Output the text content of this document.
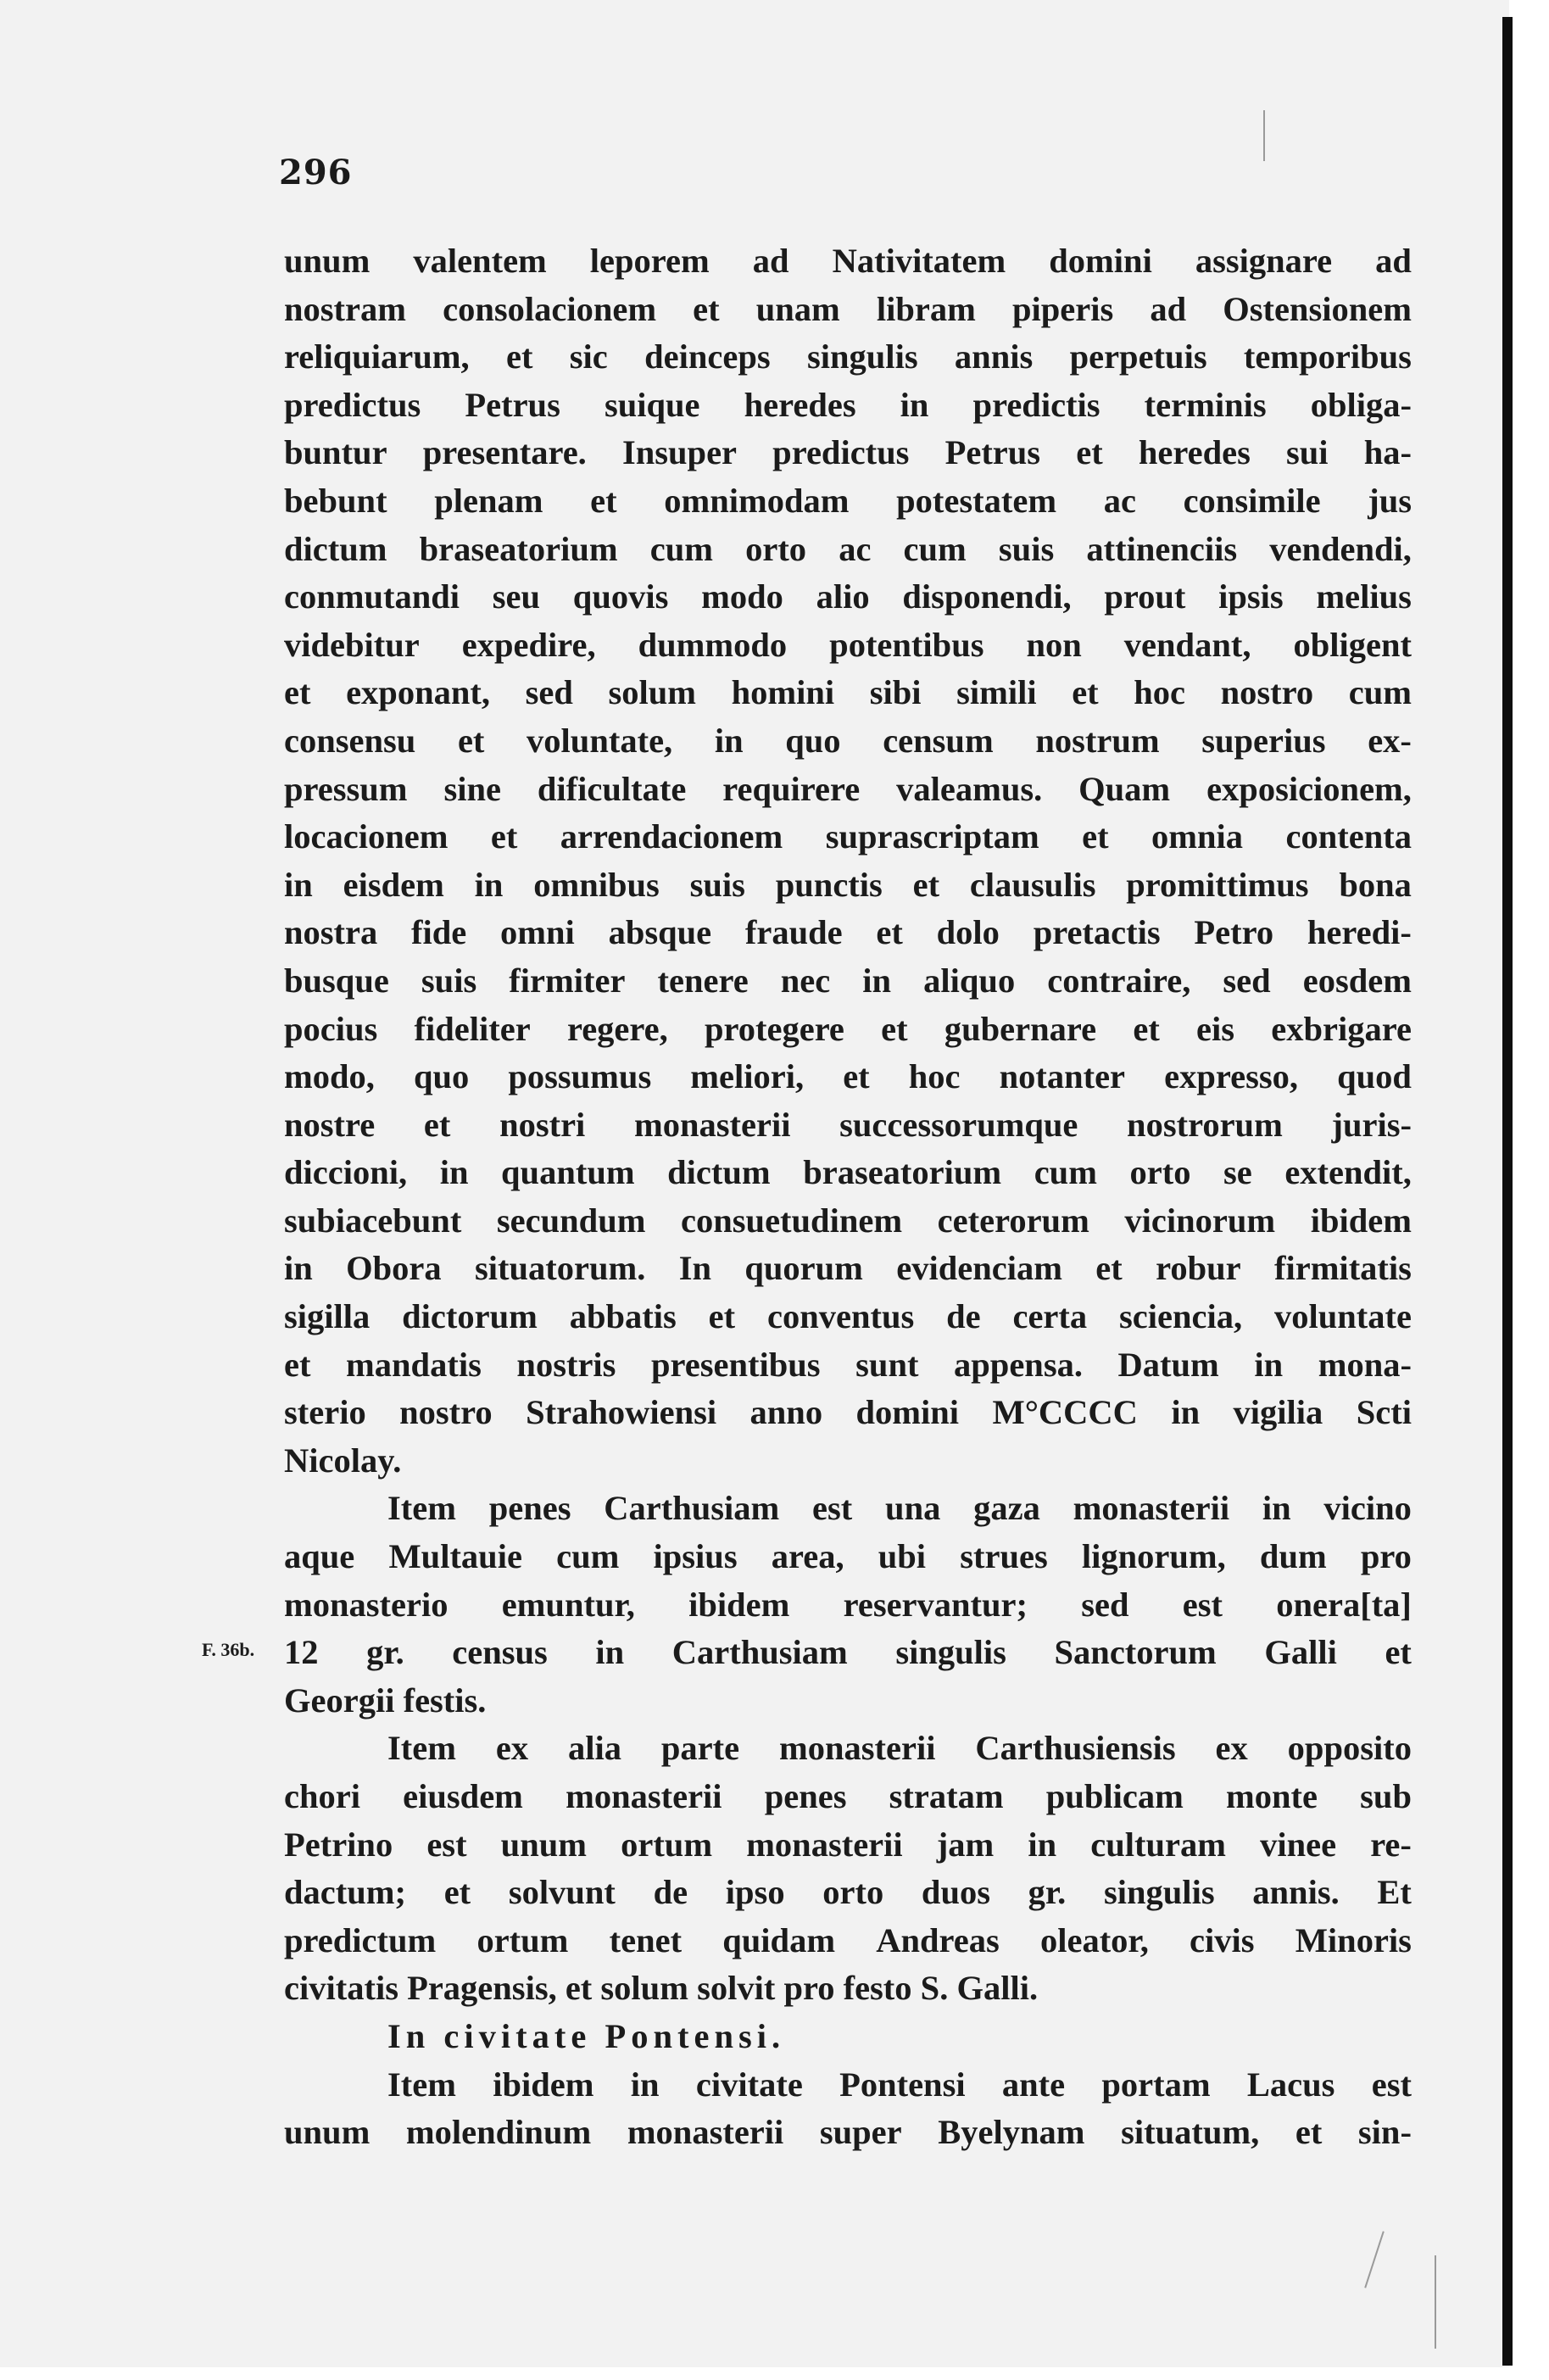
296
F. 36b.
unum valentem leporem ad Nativitatem domini assignare ad
nostram consolacionem et unam libram piperis ad Ostensionem
reliquiarum, et sic deinceps singulis annis perpetuis temporibus
predictus Petrus suique heredes in predictis terminis obliga-
buntur presentare. Insuper predictus Petrus et heredes sui ha-
bebunt plenam et omnimodam potestatem ac consimile jus
dictum braseatorium cum orto ac cum suis attinenciis vendendi,
conmutandi seu quovis modo alio disponendi, prout ipsis melius
videbitur expedire, dummodo potentibus non vendant, obligent
et exponant, sed solum homini sibi simili et hoc nostro cum
consensu et voluntate, in quo censum nostrum superius ex-
pressum sine dificultate requirere valeamus. Quam exposicionem,
locacionem et arrendacionem suprascriptam et omnia contenta
in eisdem in omnibus suis punctis et clausulis promittimus bona
nostra fide omni absque fraude et dolo pretactis Petro heredi-
busque suis firmiter tenere nec in aliquo contraire, sed eosdem
pocius fideliter regere, protegere et gubernare et eis exbrigare
modo, quo possumus meliori, et hoc notanter expresso, quod
nostre et nostri monasterii successorumque nostrorum juris-
diccioni, in quantum dictum braseatorium cum orto se extendit,
subiacebunt secundum consuetudinem ceterorum vicinorum ibidem
in Obora situatorum. In quorum evidenciam et robur firmitatis
sigilla dictorum abbatis et conventus de certa sciencia, voluntate
et mandatis nostris presentibus sunt appensa. Datum in mona-
sterio nostro Strahowiensi anno domini M°CCCC in vigilia Scti
Nicolay.
Item penes Carthusiam est una gaza monasterii in vicino
aque Multauie cum ipsius area, ubi strues lignorum, dum pro
monasterio emuntur, ibidem reservantur; sed est onera[ta]
12 gr. census in Carthusiam singulis Sanctorum Galli et
Georgii festis.
Item ex alia parte monasterii Carthusiensis ex opposito
chori eiusdem monasterii penes stratam publicam monte sub
Petrino est unum ortum monasterii jam in culturam vinee re-
dactum; et solvunt de ipso orto duos gr. singulis annis. Et
predictum ortum tenet quidam Andreas oleator, civis Minoris
civitatis Pragensis, et solum solvit pro festo S. Galli.
In civitate Pontensi.
Item ibidem in civitate Pontensi ante portam Lacus est
unum molendinum monasterii super Byelynam situatum, et sin-
